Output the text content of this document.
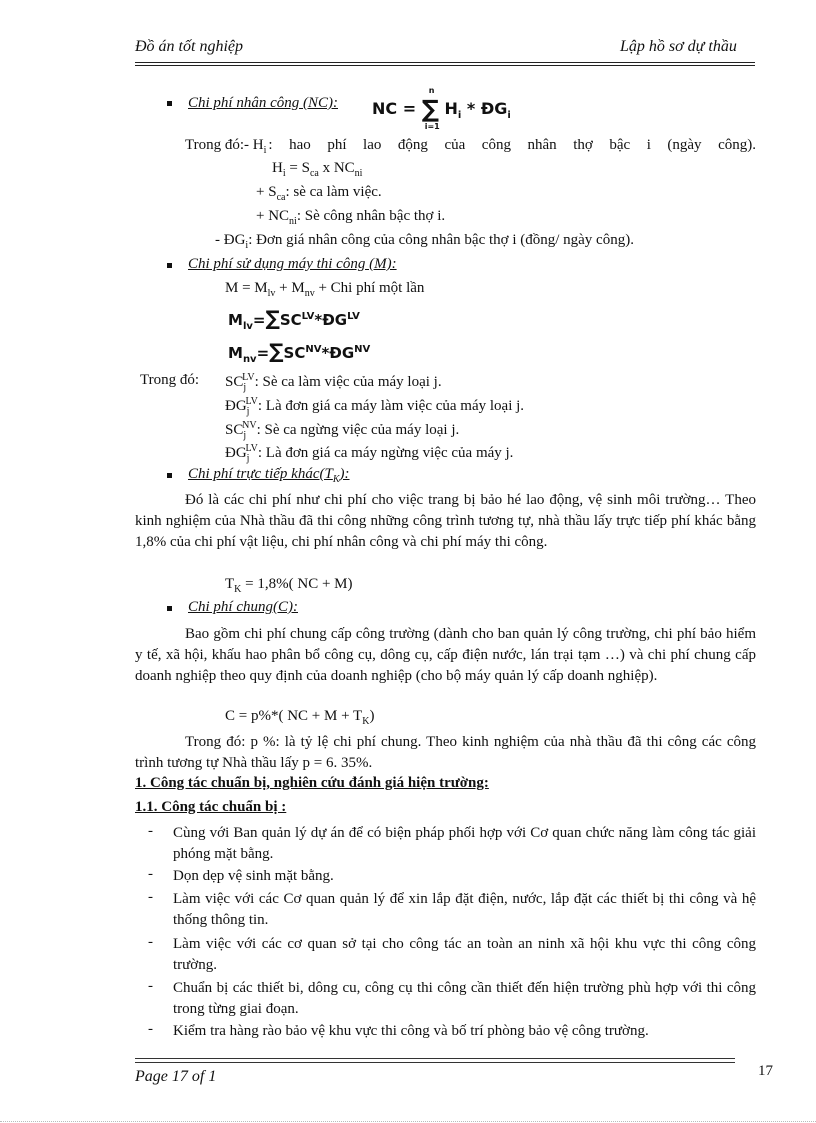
Đồ án tốt nghiệp	Lập hồ sơ dự thầu
Chi phí nhân công (NC): NC = ∑
n
i=1
$H_i$ * $ĐG_i$
Trong đó:- $H_i$ : hao phí lao động của công nhân thợ bậc i (ngày công).
$H_i = S_{ca}$ x $NC_{ni}$
+ $S_{ca}$: sè ca làm việc.
+ $NC_{ni}$: Sè công nhân bậc thợ i.
- $ĐG_i$: Đơn giá nhân công của công nhân bậc thợ i (đồng/ ngày công).
Chi phí sử dụng máy thi công (M):
$M = M_{lv} + M_{nv}$ + Chi phí một lần
$M_{lv}=\sum SC^{LV}*ĐG^{LV}$
$M_{nv}=\sum SC^{NV}*ĐG^{NV}$
Trong đó: $SC_j^{LV}$: Sè ca làm việc của máy loại j.
$ĐG_j^{LV}$: Là đơn giá ca máy làm việc của máy loại j.
$SC_j^{NV}$: Sè ca ngừng việc của máy loại j.
$ĐG_j^{LV}$: Là đơn giá ca máy ngừng việc của máy j.
Chi phí trực tiếp $khác(T_K)$:
Đó là các chi phí như chi phí cho việc trang bị bảo hé lao động, vệ sinh môi trường… Theo kinh nghiệm của Nhà thầu đã thi công những công trình tương tự, nhà thầu lấy trực tiếp phí khác bằng 1,8% của chi phí vật liệu, chi phí nhân công và chi phí máy thi công.
$T_K = 1,8\%$( NC + M)
Chi phí chung(C):
Bao gồm chi phí chung cấp công trường (dành cho ban quản lý công trường, chi phí bảo hiểm y tế, xã hội, khấu hao phân bổ công cụ, dông cụ, cấp điện nước, lán trại tạm …) và chi phí chung cấp doanh nghiệp theo quy định của doanh nghiệp (cho bộ máy quản lý cấp doanh nghiệp).
C = p%*( NC + $M + T_K$)
Trong đó: p %: là tỷ lệ chi phí chung. Theo kinh nghiệm của nhà thầu đã thi công các công trình tương tự Nhà thầu lấy p = 6. 35%.
1. Công tác chuẩn bị, nghiên cứu đánh giá hiện trường:
1.1. Công tác chuẩn bị :
- Cùng với Ban quản lý dự án để có biện pháp phối hợp với Cơ quan chức năng làm công tác giải phóng mặt bằng.
- Dọn dẹp vệ sinh mặt bằng.
- Làm việc với các Cơ quan quản lý để xin lắp đặt điện, nước, lắp đặt các thiết bị thi công và hệ thống thông tin.
- Làm việc với các cơ quan sở tại cho công tác an toàn an ninh xã hội khu vực thi công công trường.
- Chuẩn bị các thiết bi, dông cu, công cụ thi công cần thiết đến hiện trường phù hợp với thi công trong từng giai đoạn.
- Kiểm tra hàng rào bảo vệ khu vực thi công và bố trí phòng bảo vệ công trường.
Page 17 of 1	17
